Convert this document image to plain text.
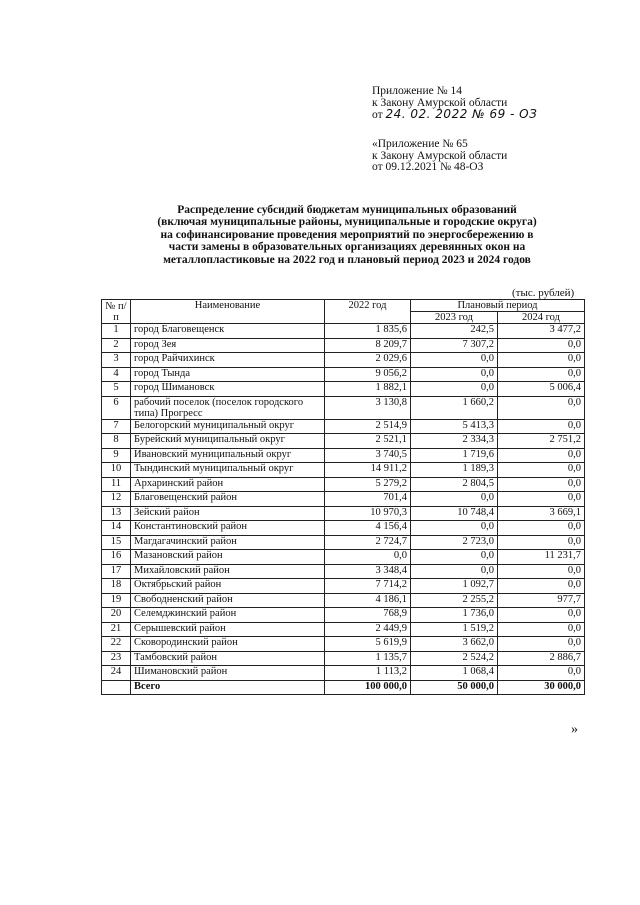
Приложение № 14
к Закону Амурской области
от 24. 02. 2022 № 69 - ОЗ
«Приложение № 65
к Закону Амурской области
от 09.12.2021 № 48-ОЗ
Распределение субсидий бюджетам муниципальных образований
(включая муниципальные районы, муниципальные и городские округа)
на софинансирование проведения мероприятий по энергосбережению в
части замены в образовательных организациях деревянных окон на
металлопластиковые на 2022 год и плановый период 2023 и 2024 годов
(тыс. рублей)
№ п/п	Наименование	2022 год	Плановый период	
			2023 год	2024 год
1	город Благовещенск	1 835,6	242,5	3 477,2
2	город Зея	8 209,7	7 307,2	0,0
3	город Райчихинск	2 029,6	0,0	0,0
4	город Тында	9 056,2	0,0	0,0
5	город Шимановск	1 882,1	0,0	5 006,4
6	рабочий поселок (поселок городского типа) Прогресс	3 130,8	1 660,2	0,0
7	Белогорский муниципальный округ	2 514,9	5 413,3	0,0
8	Бурейский муниципальный округ	2 521,1	2 334,3	2 751,2
9	Ивановский муниципальный округ	3 740,5	1 719,6	0,0
10	Тындинский муниципальный округ	14 911,2	1 189,3	0,0
11	Архаринский район	5 279,2	2 804,5	0,0
12	Благовещенский район	701,4	0,0	0,0
13	Зейский район	10 970,3	10 748,4	3 669,1
14	Константиновский район	4 156,4	0,0	0,0
15	Магдагачинский район	2 724,7	2 723,0	0,0
16	Мазановский район	0,0	0,0	11 231,7
17	Михайловский район	3 348,4	0,0	0,0
18	Октябрьский район	7 714,2	1 092,7	0,0
19	Свободненский район	4 186,1	2 255,2	977,7
20	Селемджинский район	768,9	1 736,0	0,0
21	Серышевский район	2 449,9	1 519,2	0,0
22	Сковородинский район	5 619,9	3 662,0	0,0
23	Тамбовский район	1 135,7	2 524,2	2 886,7
24	Шимановский район	1 113,2	1 068,4	0,0
	Всего	100 000,0	50 000,0	30 000,0
»
